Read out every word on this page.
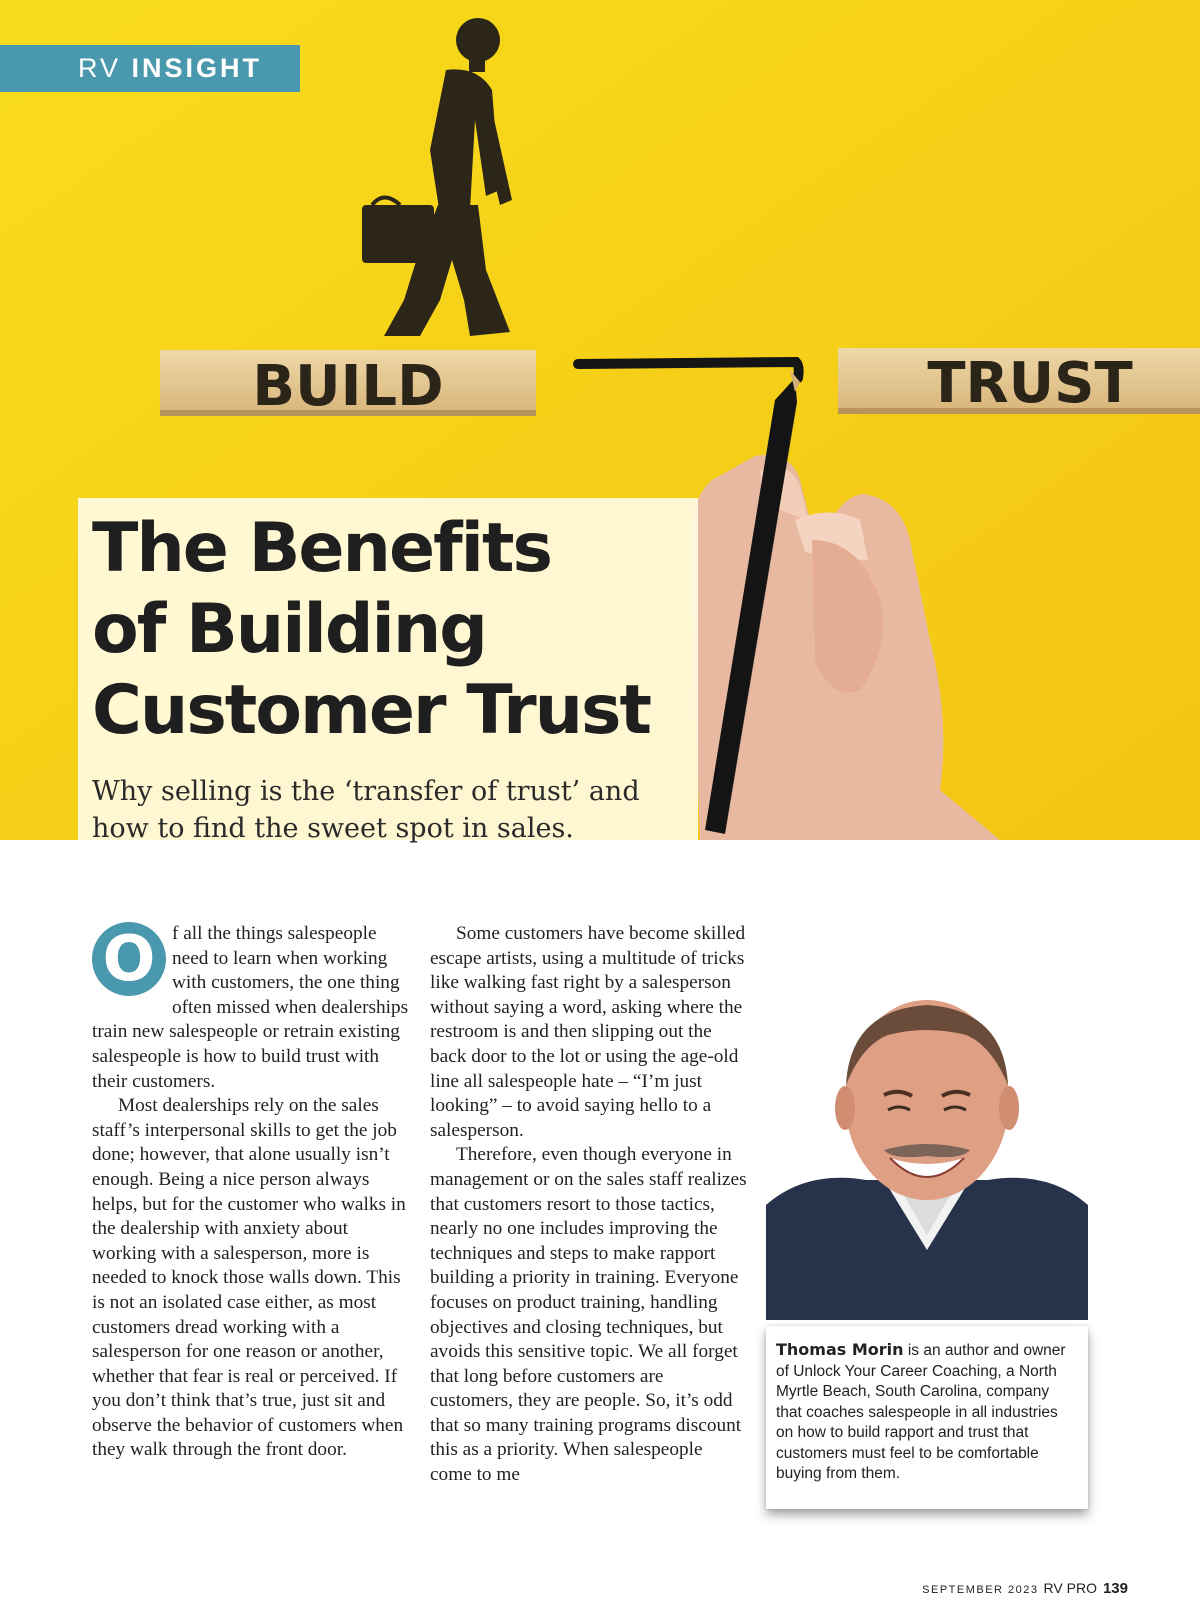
BUILD	TRUST
RV INSIGHT
The Benefits
of Building
Customer Trust

Why selling is the ‘transfer of trust’ and
how to find the sweet spot in sales.

O f all the things salespeople need to learn when working with customers, the one thing often missed when dealerships train new salespeople or retrain existing salespeople is how to build trust with their customers.

Most dealerships rely on the sales staff’s interpersonal skills to get the job done; however, that alone usually isn’t enough. Being a nice person always helps, but for the customer who walks in the dealership with anxiety about working with a salesperson, more is needed to knock those walls down. This is not an isolated case either, as most customers dread working with a salesperson for one reason or another, whether that fear is real or perceived. If you don’t think that’s true, just sit and observe the behavior of customers when they walk through the front door.

Some customers have become skilled escape artists, using a multitude of tricks like walking fast right by a salesperson without saying a word, asking where the restroom is and then slipping out the back door to the lot or using the age-old line all salespeople hate – “I’m just looking” – to avoid saying hello to a salesperson.

Therefore, even though everyone in management or on the sales staff realizes that customers resort to those tactics, nearly no one includes improving the techniques and steps to make rapport building a priority in training. Everyone focuses on product training, handling objectives and closing techniques, but avoids this sensitive topic. We all forget that long before customers are customers, they are people. So, it’s odd that so many training programs discount this as a priority. When salespeople come to me

Thomas Morin is an author and owner of Unlock Your Career Coaching, a North Myrtle Beach, South Carolina, company that coaches salespeople in all industries on how to build rapport and trust that customers must feel to be comfortable buying from them.
SEPTEMBER 2023 RV PRO 139
